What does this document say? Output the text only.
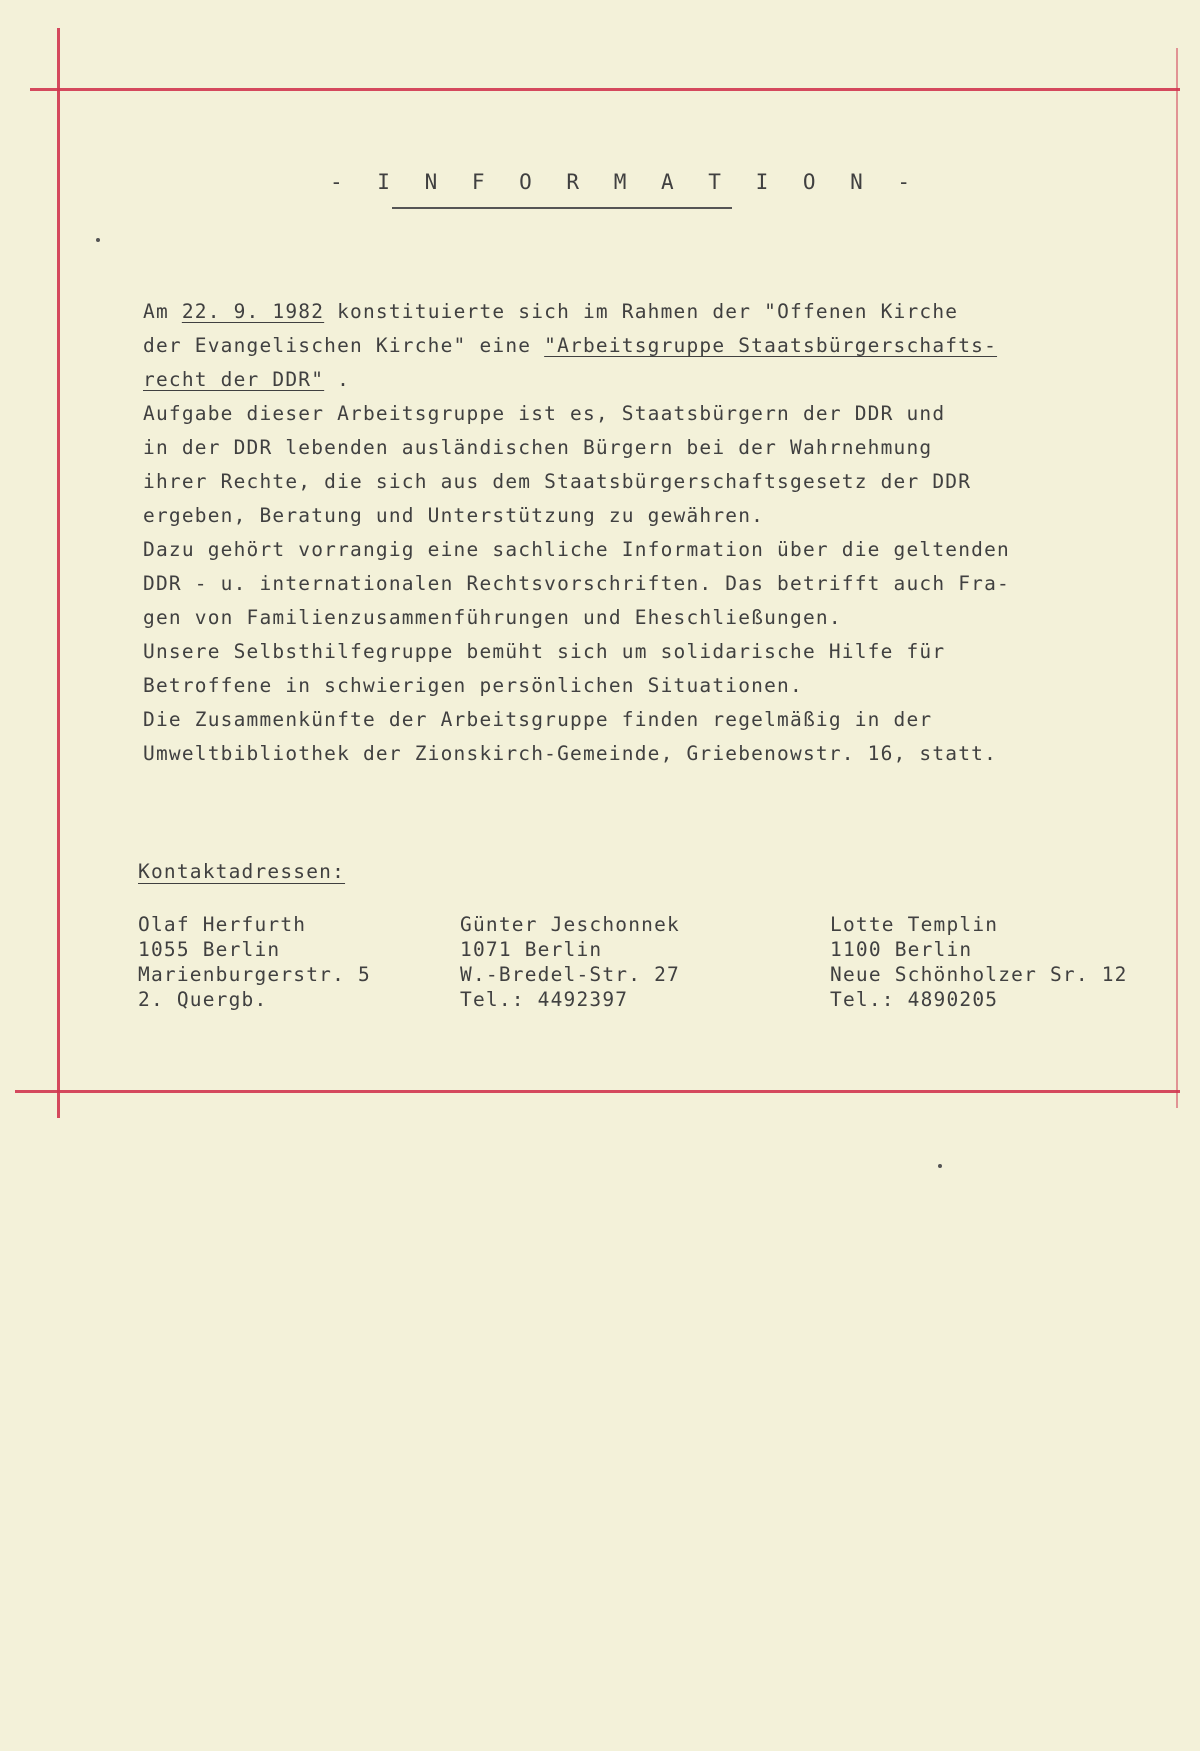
- I N F O R M A T I O N -
Am 22. 9. 1982 konstituierte sich im Rahmen der "Offenen Kirche
der Evangelischen Kirche" eine "Arbeitsgruppe Staatsbürgerschafts-
recht der DDR" .
Aufgabe dieser Arbeitsgruppe ist es, Staatsbürgern der DDR und
in der DDR lebenden ausländischen Bürgern bei der Wahrnehmung
ihrer Rechte, die sich aus dem Staatsbürgerschaftsgesetz der DDR
ergeben, Beratung und Unterstützung zu gewähren.
Dazu gehört vorrangig eine sachliche Information über die geltenden
DDR - u. internationalen Rechtsvorschriften. Das betrifft auch Fra-
gen von Familienzusammenführungen und Eheschließungen.
Unsere Selbsthilfegruppe bemüht sich um solidarische Hilfe für
Betroffene in schwierigen persönlichen Situationen.
Die Zusammenkünfte der Arbeitsgruppe finden regelmäßig in der
Umweltbibliothek der Zionskirch-Gemeinde, Griebenowstr. 16, statt.
Kontaktadressen:
Olaf Herfurth
1055 Berlin
Marienburgerstr. 5
2. Quergb.
Günter Jeschonnek
1071 Berlin
W.-Bredel-Str. 27
Tel.: 4492397
Lotte Templin
1100 Berlin
Neue Schönholzer Sr. 12
Tel.: 4890205
